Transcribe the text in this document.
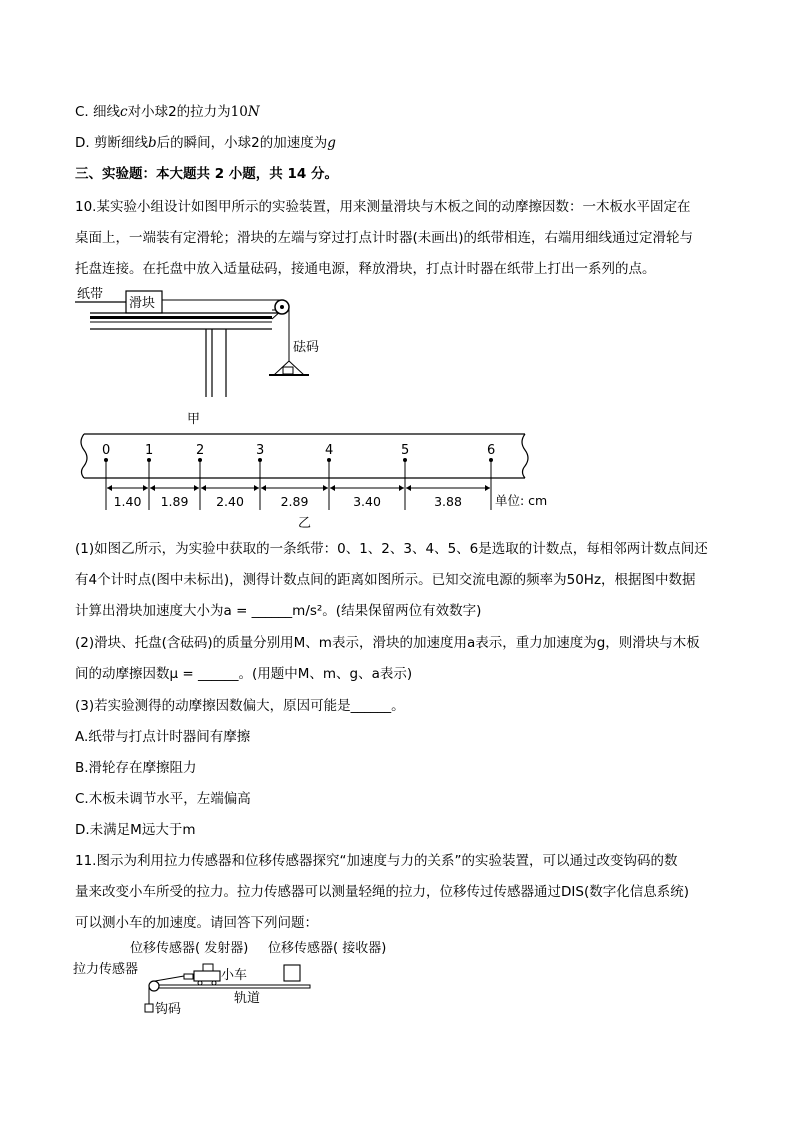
C. 细线c对小球2的拉力为10N
D. 剪断细线b后的瞬间，小球2的加速度为g
三、实验题：本大题共 2 小题，共 14 分。
10.某实验小组设计如图甲所示的实验装置，用来测量滑块与木板之间的动摩擦因数：一木板水平固定在
桌面上，一端装有定滑轮；滑块的左端与穿过打点计时器(未画出)的纸带相连，右端用细线通过定滑轮与
托盘连接。在托盘中放入适量砝码，接通电源，释放滑块，打点计时器在纸带上打出一系列的点。
纸带
滑块
砝码
甲
0	1	2	3	4	5	6
1.40 1.89 2.40	2.89	3.40	3.88	单位: cm
乙
(1)如图乙所示，为实验中获取的一条纸带：0、1、2、3、4、5、6是选取的计数点，每相邻两计数点间还
有4个计时点(图中未标出)，测得计数点间的距离如图所示。已知交流电源的频率为50Hz，根据图中数据
计算出滑块加速度大小为a = ______m/s²。(结果保留两位有效数字)
(2)滑块、托盘(含砝码)的质量分别用M、m表示，滑块的加速度用a表示，重力加速度为g，则滑块与木板
间的动摩擦因数μ = ______。(用题中M、m、g、a表示)
(3)若实验测得的动摩擦因数偏大，原因可能是______。
A.纸带与打点计时器间有摩擦
B.滑轮存在摩擦阻力
C.木板未调节水平，左端偏高
D.未满足M远大于m
11.图示为利用拉力传感器和位移传感器探究“加速度与力的关系”的实验装置，可以通过改变钩码的数
量来改变小车所受的拉力。拉力传感器可以测量轻绳的拉力，位移传过传感器通过DIS(数字化信息系统)
可以测小车的加速度。请回答下列问题：
位移传感器( 发射器) 位移传感器( 接收器)
拉力传感器	小车
轨道
钩码
